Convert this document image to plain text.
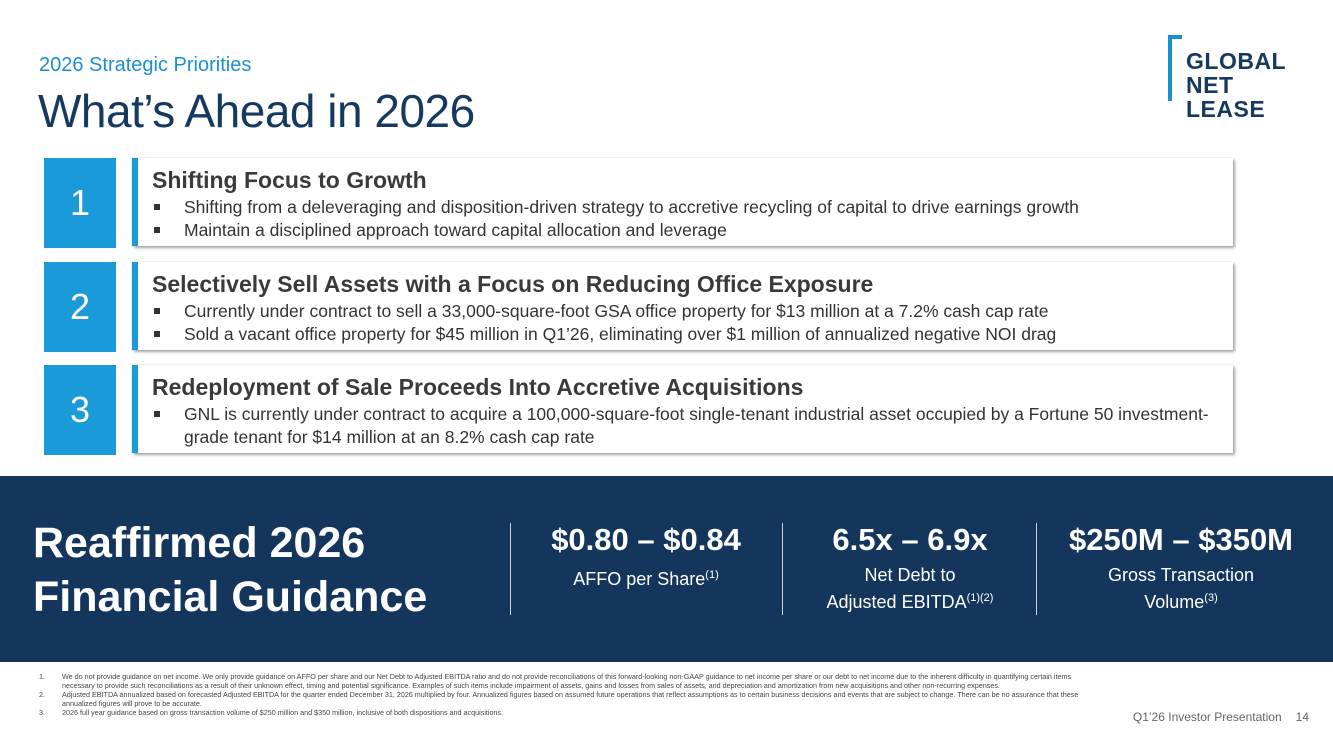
2026 Strategic Priorities
What’s Ahead in 2026
GLOBAL
NET
LEASE
1
Shifting Focus to Growth
Shifting from a deleveraging and disposition-driven strategy to accretive recycling of capital to drive earnings growth
Maintain a disciplined approach toward capital allocation and leverage
2
Selectively Sell Assets with a Focus on Reducing Office Exposure
Currently under contract to sell a 33,000-square-foot GSA office property for $13 million at a 7.2% cash cap rate
Sold a vacant office property for $45 million in Q1’26, eliminating over $1 million of annualized negative NOI drag
3
Redeployment of Sale Proceeds Into Accretive Acquisitions
GNL is currently under contract to acquire a 100,000-square-foot single-tenant industrial asset occupied by a Fortune 50 investment-grade tenant for $14 million at an 8.2% cash cap rate
Reaffirmed 2026
Financial Guidance
$0.80 – $0.84
AFFO per Share$^{(1)}$
6.5x – 6.9x
Net Debt to
Adjusted $EBITDA^{(1)(2)}$
$250M – $350M
Gross Transaction
Volume$^{(3)}$
1. We do not provide guidance on net income. We only provide guidance on AFFO per share and our Net Debt to Adjusted EBITDA ratio and do not provide reconciliations of this forward-looking non-GAAP guidance to net income per share or our debt to net income due to the inherent difficulty in quantifying certain items necessary to provide such reconciliations as a result of their unknown effect, timing and potential significance. Examples of such items include impairment of assets, gains and losses from sales of assets, and depreciation and amortization from new acquisitions and other non-recurring expenses.
2. Adjusted EBITDA annualized based on forecasted Adjusted EBITDA for the quarter ended December 31, 2026 multiplied by four. Annualized figures based on assumed future operations that reflect assumptions as to certain business decisions and events that are subject to change. There can be no assurance that these annualized figures will prove to be accurate.
3. 2026 full year guidance based on gross transaction volume of $250 million and $350 million, inclusive of both dispositions and acquisitions.	Q1’26 Investor Presentation 14
